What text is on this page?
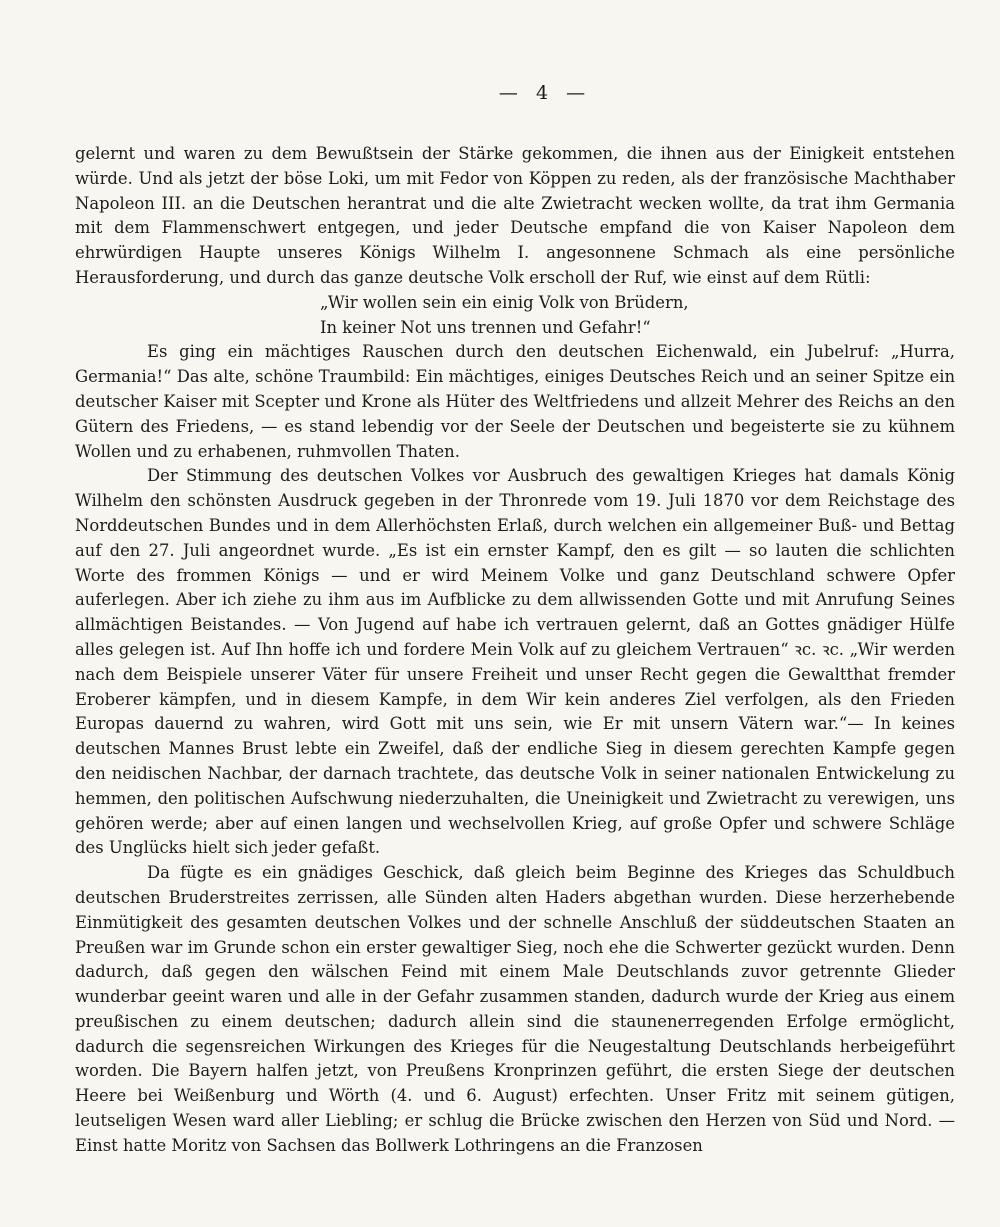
— 4 —

gelernt und waren zu dem Bewußtsein der Stärke gekommen, die ihnen aus der Einigkeit entstehen würde. Und als jetzt der böse Loki, um mit Fedor von Köppen zu reden, als der französische Machthaber Napoleon III. an die Deutschen herantrat und die alte Zwietracht wecken wollte, da trat ihm Germania mit dem Flammenschwert entgegen, und jeder Deutsche empfand die von Kaiser Napoleon dem ehrwürdigen Haupte unseres Königs Wilhelm I. angesonnene Schmach als eine persönliche Herausforderung, und durch das ganze deutsche Volk erscholl der Ruf, wie einst auf dem Rütli:

„Wir wollen sein ein einig Volk von Brüdern,
In keiner Not uns trennen und Gefahr!“

Es ging ein mächtiges Rauschen durch den deutschen Eichenwald, ein Jubelruf: „Hurra, Germania!“ Das alte, schöne Traumbild: Ein mächtiges, einiges Deutsches Reich und an seiner Spitze ein deutscher Kaiser mit Scepter und Krone als Hüter des Weltfriedens und allzeit Mehrer des Reichs an den Gütern des Friedens, — es stand lebendig vor der Seele der Deutschen und begeisterte sie zu kühnem Wollen und zu erhabenen, ruhmvollen Thaten.

Der Stimmung des deutschen Volkes vor Ausbruch des gewaltigen Krieges hat damals König Wilhelm den schönsten Ausdruck gegeben in der Thronrede vom 19. Juli 1870 vor dem Reichstage des Norddeutschen Bundes und in dem Allerhöchsten Erlaß, durch welchen ein allgemeiner Buß- und Bettag auf den 27. Juli angeordnet wurde. „Es ist ein ernster Kampf, den es gilt — so lauten die schlichten Worte des frommen Königs — und er wird Meinem Volke und ganz Deutschland schwere Opfer auferlegen. Aber ich ziehe zu ihm aus im Aufblicke zu dem allwissenden Gotte und mit Anrufung Seines allmächtigen Beistandes. — Von Jugend auf habe ich vertrauen gelernt, daß an Gottes gnädiger Hülfe alles gelegen ist. Auf Ihn hoffe ich und fordere Mein Volk auf zu gleichem Vertrauen“ ꝛc. ꝛc. „Wir werden nach dem Beispiele unserer Väter für unsere Freiheit und unser Recht gegen die Gewaltthat fremder Eroberer kämpfen, und in diesem Kampfe, in dem Wir kein anderes Ziel verfolgen, als den Frieden Europas dauernd zu wahren, wird Gott mit uns sein, wie Er mit unsern Vätern war.“— In keines deutschen Mannes Brust lebte ein Zweifel, daß der endliche Sieg in diesem gerechten Kampfe gegen den neidischen Nachbar, der darnach trachtete, das deutsche Volk in seiner nationalen Entwickelung zu hemmen, den politischen Aufschwung niederzuhalten, die Uneinigkeit und Zwietracht zu verewigen, uns gehören werde; aber auf einen langen und wechselvollen Krieg, auf große Opfer und schwere Schläge des Unglücks hielt sich jeder gefaßt.

Da fügte es ein gnädiges Geschick, daß gleich beim Beginne des Krieges das Schuldbuch deutschen Bruderstreites zerrissen, alle Sünden alten Haders abgethan wurden. Diese herzerhebende Einmütigkeit des gesamten deutschen Volkes und der schnelle Anschluß der süddeutschen Staaten an Preußen war im Grunde schon ein erster gewaltiger Sieg, noch ehe die Schwerter gezückt wurden. Denn dadurch, daß gegen den wälschen Feind mit einem Male Deutschlands zuvor getrennte Glieder wunderbar geeint waren und alle in der Gefahr zusammen standen, dadurch wurde der Krieg aus einem preußischen zu einem deutschen; dadurch allein sind die staunenerregenden Erfolge ermöglicht, dadurch die segensreichen Wirkungen des Krieges für die Neugestaltung Deutschlands herbeigeführt worden. Die Bayern halfen jetzt, von Preußens Kronprinzen geführt, die ersten Siege der deutschen Heere bei Weißenburg und Wörth (4. und 6. August) erfechten. Unser Fritz mit seinem gütigen, leutseligen Wesen ward aller Liebling; er schlug die Brücke zwischen den Herzen von Süd und Nord. — Einst hatte Moritz von Sachsen das Bollwerk Lothringens an die Franzosen
